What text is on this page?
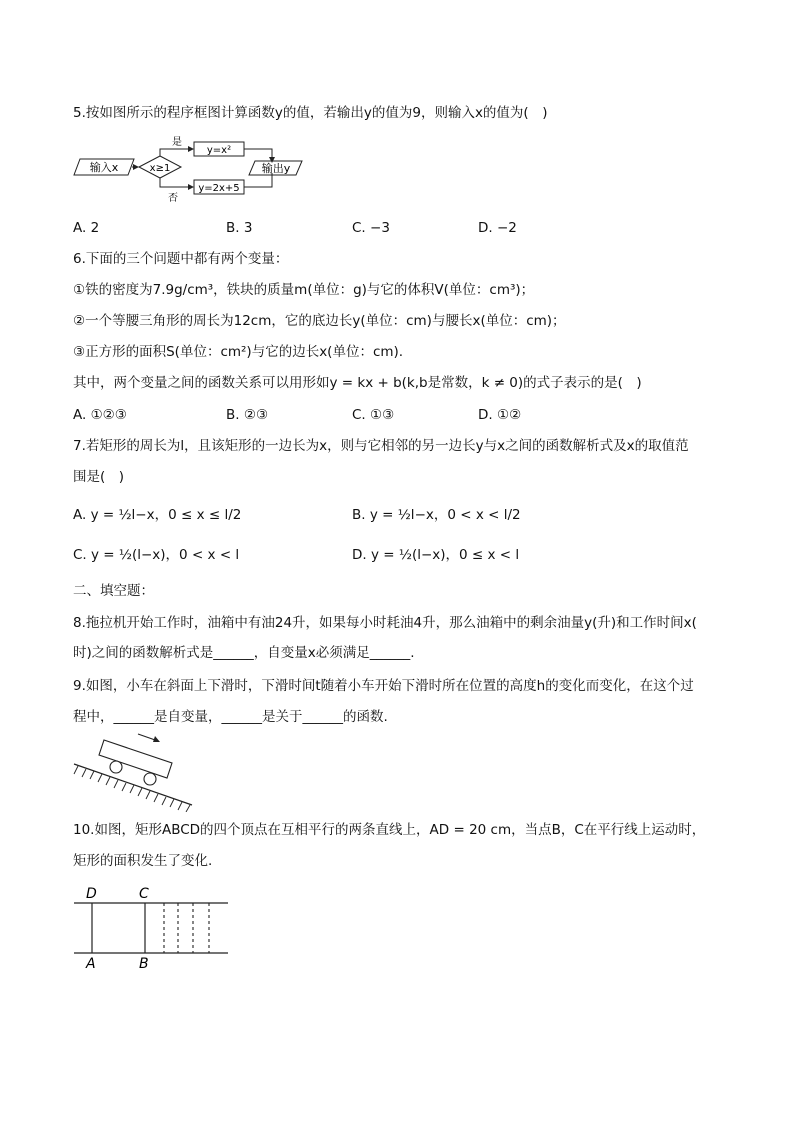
5.按如图所示的程序框图计算函数y的值，若输出y的值为9，则输入x的值为(　)
输入x	x≥1
是
y=x²
否
y=2x+5
输出y
A. 2	B. 3	C. −3	D. −2
6.下面的三个问题中都有两个变量：
①铁的密度为7.9g/cm³，铁块的质量m(单位：g)与它的体积V(单位：cm³)；
②一个等腰三角形的周长为12cm，它的底边长y(单位：cm)与腰长x(单位：cm)；
③正方形的面积S(单位：cm²)与它的边长x(单位：cm).
其中，两个变量之间的函数关系可以用形如y = kx + b(k,b是常数，k ≠ 0)的式子表示的是(　)
A. ①②③	B. ②③	C. ①③	D. ①②
7.若矩形的周长为l，且该矩形的一边长为x，则与它相邻的另一边长y与x之间的函数解析式及x的取值范
围是(　)
A. y = ½l−x，0 ≤ x ≤ l/2	B. y = ½l−x，0 < x < l/2
C. y = ½(l−x)，0 < x < l	D. y = ½(l−x)，0 ≤ x < l
二、填空题：
8.拖拉机开始工作时，油箱中有油24升，如果每小时耗油4升，那么油箱中的剩余油量y(升)和工作时间x(
时)之间的函数解析式是______，自变量x必须满足______.
9.如图，小车在斜面上下滑时，下滑时间t随着小车开始下滑时所在位置的高度h的变化而变化，在这个过
程中，______是自变量，______是关于______的函数.
10.如图，矩形ABCD的四个顶点在互相平行的两条直线上，AD = 20 cm，当点B，C在平行线上运动时，
矩形的面积发生了变化.
D	C
A	B
